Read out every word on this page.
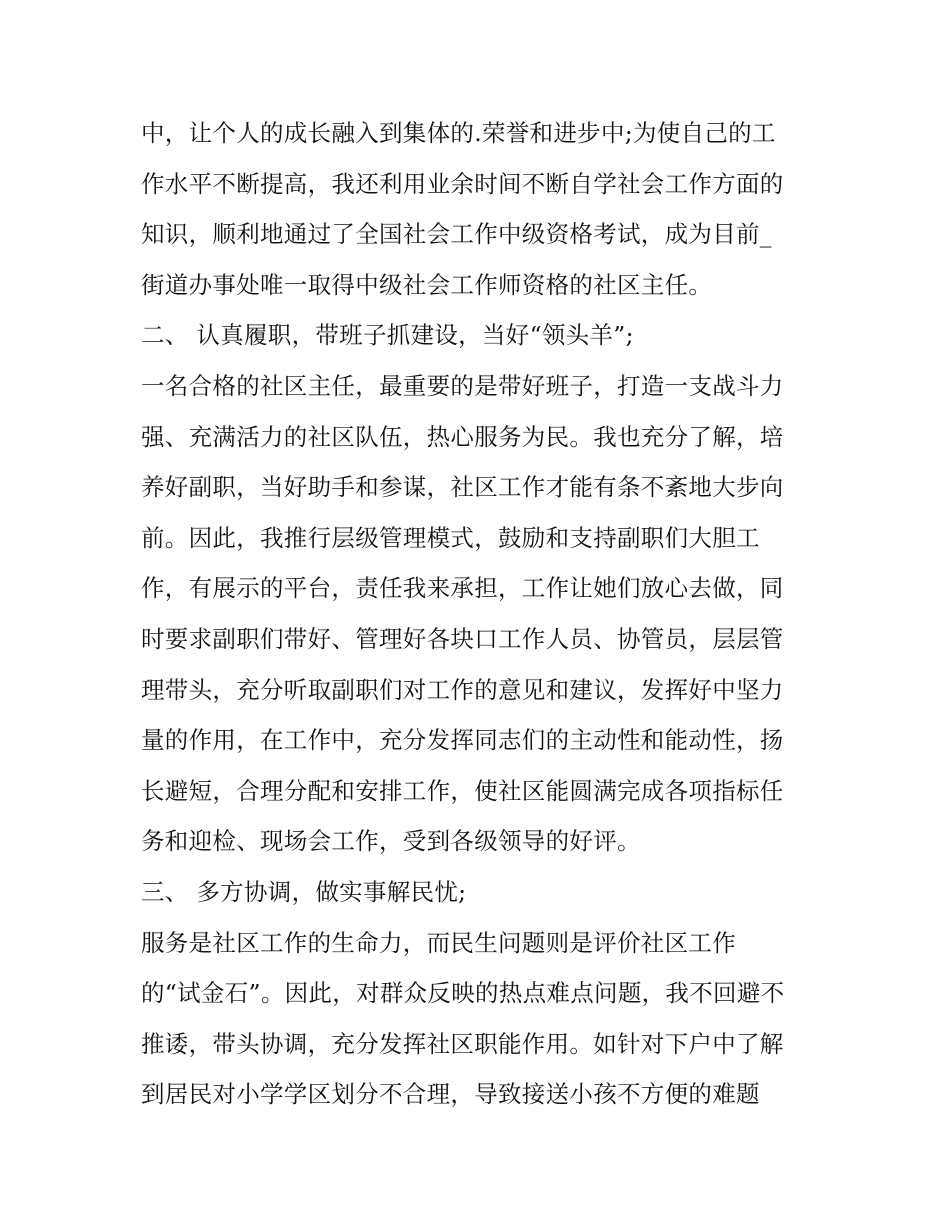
中，让个人的成长融入到集体的.荣誉和进步中;为使自己的工
作水平不断提高，我还利用业余时间不断自学社会工作方面的
知识，顺利地通过了全国社会工作中级资格考试，成为目前_
街道办事处唯一取得中级社会工作师资格的社区主任。
二、 认真履职，带班子抓建设，当好“领头羊”;
一名合格的社区主任，最重要的是带好班子，打造一支战斗力
强、充满活力的社区队伍，热心服务为民。我也充分了解，培
养好副职，当好助手和参谋，社区工作才能有条不紊地大步向
前。因此，我推行层级管理模式，鼓励和支持副职们大胆工
作，有展示的平台，责任我来承担，工作让她们放心去做，同
时要求副职们带好、管理好各块口工作人员、协管员，层层管
理带头，充分听取副职们对工作的意见和建议，发挥好中坚力
量的作用，在工作中，充分发挥同志们的主动性和能动性，扬
长避短，合理分配和安排工作，使社区能圆满完成各项指标任
务和迎检、现场会工作，受到各级领导的好评。
三、 多方协调，做实事解民忧;
服务是社区工作的生命力，而民生问题则是评价社区工作
的“试金石”。因此，对群众反映的热点难点问题，我不回避不
推诿，带头协调，充分发挥社区职能作用。如针对下户中了解
到居民对小学学区划分不合理，导致接送小孩不方便的难题
